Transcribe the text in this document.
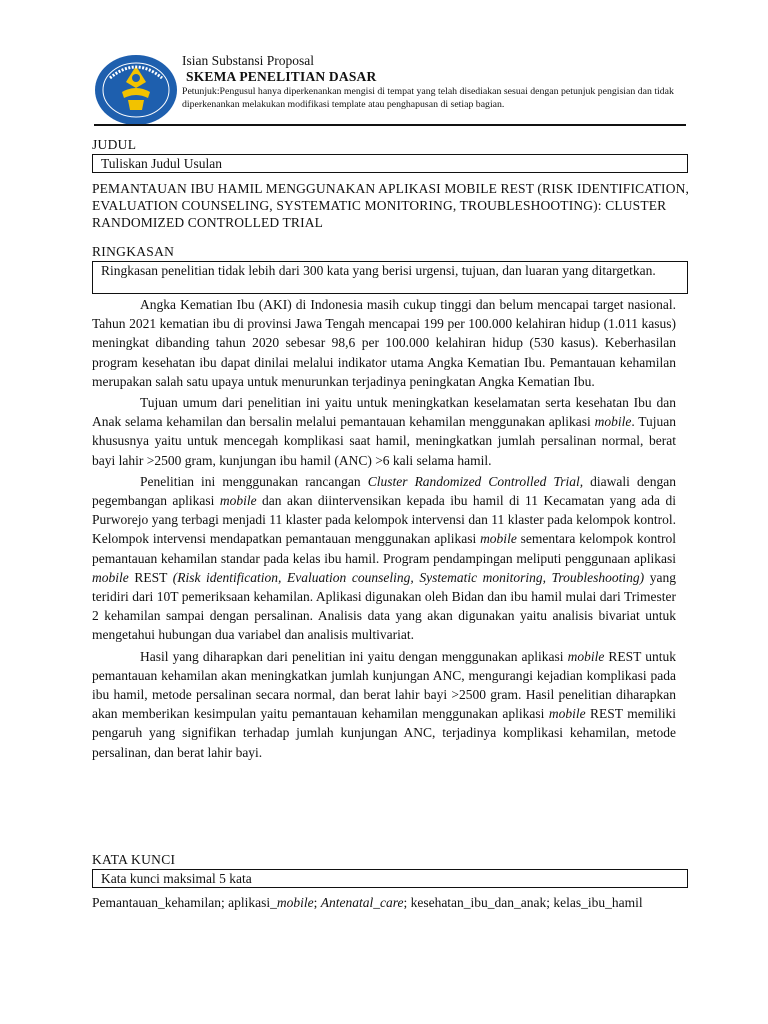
Isian Substansi Proposal
SKEMA PENELITIAN DASAR
Petunjuk:Pengusul hanya diperkenankan mengisi di tempat yang telah disediakan sesuai dengan petunjuk pengisian dan tidak diperkenankan melakukan modifikasi template atau penghapusan di setiap bagian.
JUDUL
Tuliskan Judul Usulan
PEMANTAUAN IBU HAMIL MENGGUNAKAN APLIKASI MOBILE REST (RISK IDENTIFICATION, EVALUATION COUNSELING, SYSTEMATIC MONITORING, TROUBLESHOOTING): CLUSTER RANDOMIZED CONTROLLED TRIAL
RINGKASAN
Ringkasan penelitian tidak lebih dari 300 kata yang berisi urgensi, tujuan, dan luaran yang ditargetkan.

Angka Kematian Ibu (AKI) di Indonesia masih cukup tinggi dan belum mencapai target nasional. Tahun 2021 kematian ibu di provinsi Jawa Tengah mencapai 199 per 100.000 kelahiran hidup (1.011 kasus) meningkat dibanding tahun 2020 sebesar 98,6 per 100.000 kelahiran hidup (530 kasus). Keberhasilan program kesehatan ibu dapat dinilai melalui indikator utama Angka Kematian Ibu. Pemantauan kehamilan merupakan salah satu upaya untuk menurunkan terjadinya peningkatan Angka Kematian Ibu.

Tujuan umum dari penelitian ini yaitu untuk meningkatkan keselamatan serta kesehatan Ibu dan Anak selama kehamilan dan bersalin melalui pemantauan kehamilan menggunakan aplikasi mobile. Tujuan khususnya yaitu untuk mencegah komplikasi saat hamil, meningkatkan jumlah persalinan normal, berat bayi lahir >2500 gram, kunjungan ibu hamil (ANC) >6 kali selama hamil.

Penelitian ini menggunakan rancangan Cluster Randomized Controlled Trial, diawali dengan pegembangan aplikasi mobile dan akan diintervensikan kepada ibu hamil di 11 Kecamatan yang ada di Purworejo yang terbagi menjadi 11 klaster pada kelompok intervensi dan 11 klaster pada kelompok kontrol. Kelompok intervensi mendapatkan pemantauan menggunakan aplikasi mobile sementara kelompok kontrol pemantauan kehamilan standar pada kelas ibu hamil. Program pendampingan meliputi penggunaan aplikasi mobile REST (Risk identification, Evaluation counseling, Systematic monitoring, Troubleshooting) yang teridiri dari 10T pemeriksaan kehamilan. Aplikasi digunakan oleh Bidan dan ibu hamil mulai dari Trimester 2 kehamilan sampai dengan persalinan. Analisis data yang akan digunakan yaitu analisis bivariat untuk mengetahui hubungan dua variabel dan analisis multivariat.

Hasil yang diharapkan dari penelitian ini yaitu dengan menggunakan aplikasi mobile REST untuk pemantauan kehamilan akan meningkatkan jumlah kunjungan ANC, mengurangi kejadian komplikasi pada ibu hamil, metode persalinan secara normal, dan berat lahir bayi >2500 gram. Hasil penelitian diharapkan akan memberikan kesimpulan yaitu pemantauan kehamilan menggunakan aplikasi mobile REST memiliki pengaruh yang signifikan terhadap jumlah kunjungan ANC, terjadinya komplikasi kehamilan, metode persalinan, dan berat lahir bayi.

KATA KUNCI
Kata kunci maksimal 5 kata
Pemantauan_kehamilan; aplikasi_mobile; Antenatal_care; kesehatan_ibu_dan_anak; kelas_ibu_hamil
